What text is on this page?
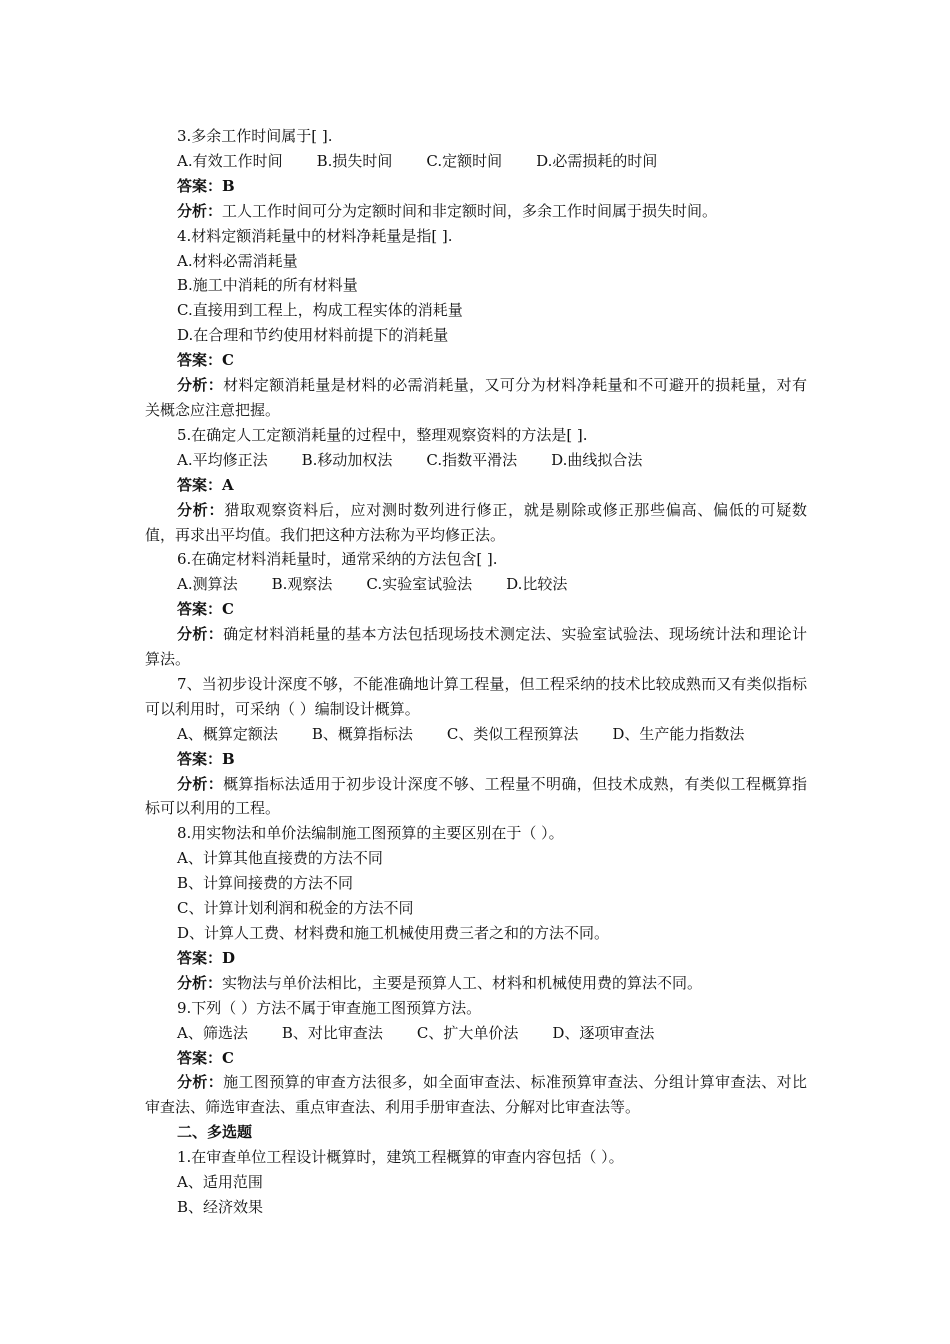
3.多余工作时间属于[ ].
A.有效工作时间 B.损失时间 C.定额时间 D.必需损耗的时间
答案：B
分析：工人工作时间可分为定额时间和非定额时间，多余工作时间属于损失时间。
4.材料定额消耗量中的材料净耗量是指[ ].
A.材料必需消耗量
B.施工中消耗的所有材料量
C.直接用到工程上，构成工程实体的消耗量
D.在合理和节约使用材料前提下的消耗量
答案：C
分析：材料定额消耗量是材料的必需消耗量，又可分为材料净耗量和不可避开的损耗量，对有关概念应注意把握。
5.在确定人工定额消耗量的过程中，整理观察资料的方法是[ ].
A.平均修正法 B.移动加权法 C.指数平滑法 D.曲线拟合法
答案：A
分析：猎取观察资料后，应对测时数列进行修正，就是剔除或修正那些偏高、偏低的可疑数值，再求出平均值。我们把这种方法称为平均修正法。
6.在确定材料消耗量时，通常采纳的方法包含[ ].
A.测算法 B.观察法 C.实验室试验法 D.比较法
答案：C
分析：确定材料消耗量的基本方法包括现场技术测定法、实验室试验法、现场统计法和理论计算法。
7、当初步设计深度不够，不能准确地计算工程量，但工程采纳的技术比较成熟而又有类似指标可以利用时，可采纳（ ）编制设计概算。
A、概算定额法 B、概算指标法 C、类似工程预算法 D、生产能力指数法
答案：B
分析：概算指标法适用于初步设计深度不够、工程量不明确，但技术成熟，有类似工程概算指标可以利用的工程。
8.用实物法和单价法编制施工图预算的主要区别在于（ ）。
A、计算其他直接费的方法不同
B、计算间接费的方法不同
C、计算计划利润和税金的方法不同
D、计算人工费、材料费和施工机械使用费三者之和的方法不同。
答案：D
分析：实物法与单价法相比，主要是预算人工、材料和机械使用费的算法不同。
9.下列（ ）方法不属于审查施工图预算方法。
A、筛选法 B、对比审查法 C、扩大单价法 D、逐项审查法
答案：C
分析：施工图预算的审查方法很多，如全面审查法、标准预算审查法、分组计算审查法、对比审查法、筛选审查法、重点审查法、利用手册审查法、分解对比审查法等。
二、多选题
1.在审查单位工程设计概算时，建筑工程概算的审查内容包括（ ）。
A、适用范围
B、经济效果
